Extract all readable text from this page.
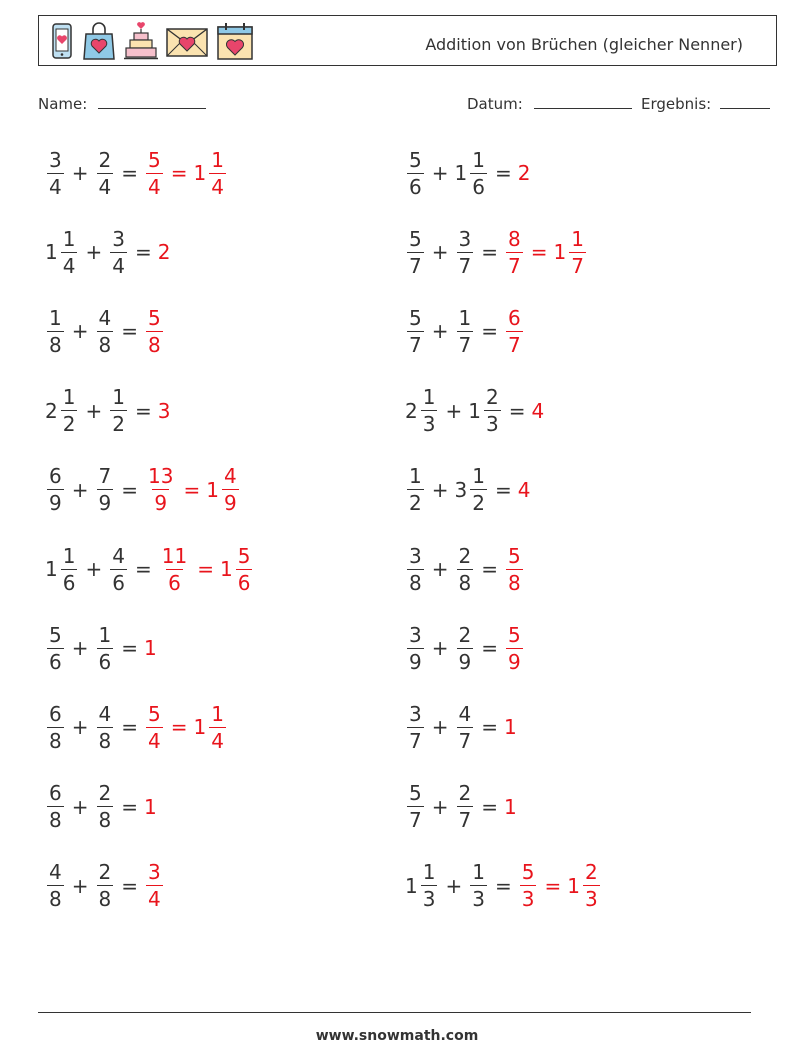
Addition von Brüchen (gleicher Nenner)
Name:	Datum:	Ergebnis:
$\frac{3}{4} + \frac{2}{4} = \frac{5}{4} = 1 \frac{1}{4}$	$\frac{5}{6} + 1 \frac{1}{6} = 2$
$1 \frac{1}{4} + \frac{3}{4} = 2$	$\frac{5}{7} + \frac{3}{7} = \frac{8}{7} = 1 \frac{1}{7}$
$\frac{1}{8} + \frac{4}{8} = \frac{5}{8}$	$\frac{5}{7} + \frac{1}{7} = \frac{6}{7}$
$2 \frac{1}{2} + \frac{1}{2} = 3$	$2 \frac{1}{3} + 1 \frac{2}{3} = 4$
$\frac{6}{9} + \frac{7}{9} = \frac{13}{9} = 1 \frac{4}{9}$	$\frac{1}{2} + 3 \frac{1}{2} = 4$
$1 \frac{1}{6} + \frac{4}{6} = \frac{11}{6} = 1 \frac{5}{6}$	$\frac{3}{8} + \frac{2}{8} = \frac{5}{8}$
$\frac{5}{6} + \frac{1}{6} = 1$	$\frac{3}{9} + \frac{2}{9} = \frac{5}{9}$
$\frac{6}{8} + \frac{4}{8} = \frac{5}{4} = 1 \frac{1}{4}$	$\frac{3}{7} + \frac{4}{7} = 1$
$\frac{6}{8} + \frac{2}{8} = 1$	$\frac{5}{7} + \frac{2}{7} = 1$
$\frac{4}{8} + \frac{2}{8} = \frac{3}{4}$	$1 \frac{1}{3} + \frac{1}{3} = \frac{5}{3} = 1 \frac{2}{3}$
www.snowmath.com
